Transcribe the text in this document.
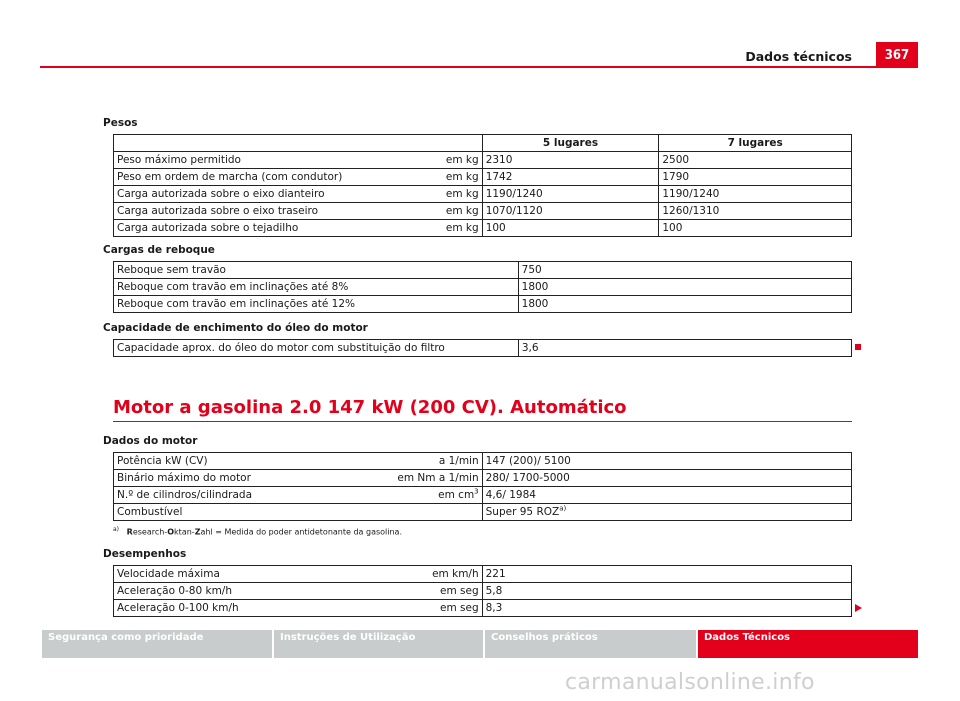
Dados técnicos	367
Pesos
	5 lugares	7 lugares

Peso máximo permitido em kg	2310	2500

Peso em ordem de marcha (com condutor) em kg	1742	1790

Carga autorizada sobre o eixo dianteiro em kg	1190/1240	1190/1240

Carga autorizada sobre o eixo traseiro em kg	1070/1120	1260/1310

Carga autorizada sobre o tejadilho em kg	100	100
Cargas de reboque
Reboque sem travão	750
Reboque com travão em inclinações até 8%	1800
Reboque com travão em inclinações até 12%	1800
Capacidade de enchimento do óleo do motor
Capacidade aprox. do óleo do motor com substituição do filtro	3,6
Motor a gasolina 2.0 147 kW (200 CV). Automático
Dados do motor
Potência kW (CV) a 1/min	147 (200)/ 5100

Binário máximo do motor em Nm a 1/min	280/ 1700-5000

N.º de cilindros/cilindrada em $cm^3$	4,6/ 1984

Combustível	Super 95 ROZ$^{a)}$
$^{a)}$ Research-Oktan-Zahl = Medida do poder antidetonante da gasolina.
Desempenhos
Velocidade máxima em km/h	221

Aceleração 0-80 km/h em seg	5,8

Aceleração 0-100 km/h em seg	8,3
Segurança como prioridade	Instruções de Utilização	Conselhos práticos	Dados Técnicos
carmanualsonline.info
